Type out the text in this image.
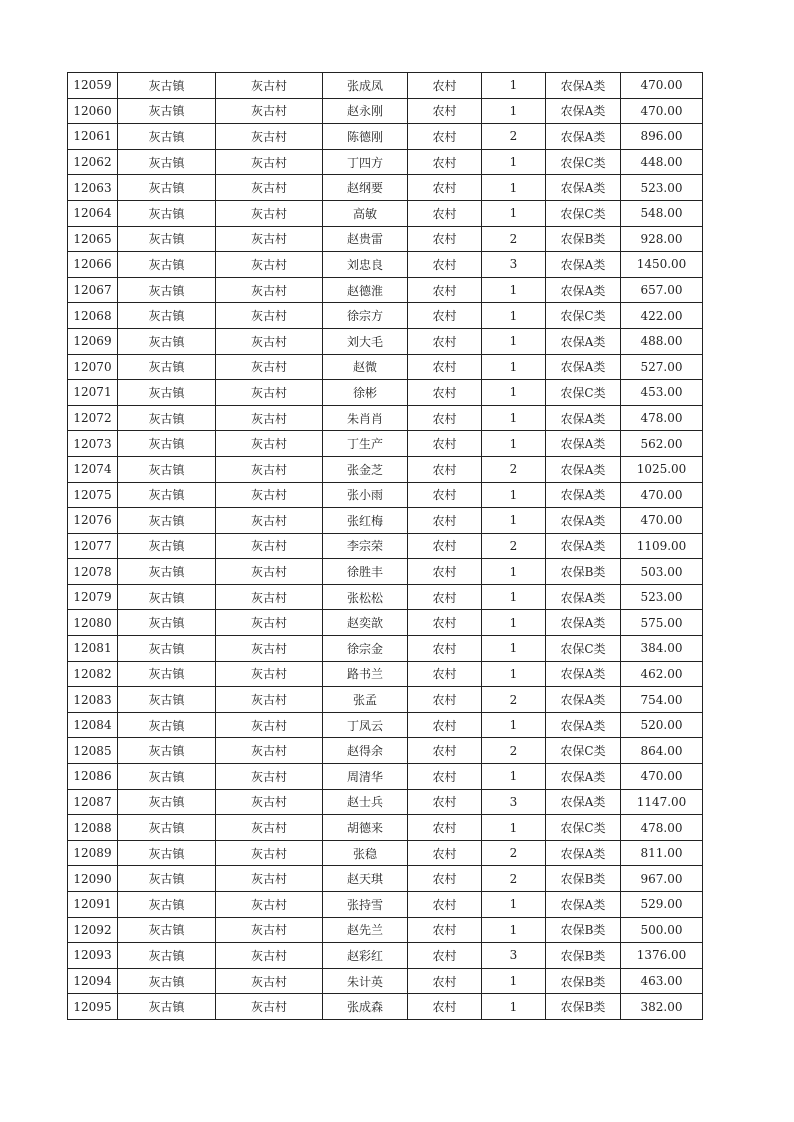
12059	灰古镇	灰古村	张成凤	农村	1	农保A类	470.00
12060	灰古镇	灰古村	赵永刚	农村	1	农保A类	470.00
12061	灰古镇	灰古村	陈德刚	农村	2	农保A类	896.00
12062	灰古镇	灰古村	丁四方	农村	1	农保C类	448.00
12063	灰古镇	灰古村	赵纲要	农村	1	农保A类	523.00
12064	灰古镇	灰古村	高敏	农村	1	农保C类	548.00
12065	灰古镇	灰古村	赵贵雷	农村	2	农保B类	928.00
12066	灰古镇	灰古村	刘忠良	农村	3	农保A类	1450.00
12067	灰古镇	灰古村	赵德淮	农村	1	农保A类	657.00
12068	灰古镇	灰古村	徐宗方	农村	1	农保C类	422.00
12069	灰古镇	灰古村	刘大毛	农村	1	农保A类	488.00
12070	灰古镇	灰古村	赵微	农村	1	农保A类	527.00
12071	灰古镇	灰古村	徐彬	农村	1	农保C类	453.00
12072	灰古镇	灰古村	朱肖肖	农村	1	农保A类	478.00
12073	灰古镇	灰古村	丁生产	农村	1	农保A类	562.00
12074	灰古镇	灰古村	张金芝	农村	2	农保A类	1025.00
12075	灰古镇	灰古村	张小雨	农村	1	农保A类	470.00
12076	灰古镇	灰古村	张红梅	农村	1	农保A类	470.00
12077	灰古镇	灰古村	李宗荣	农村	2	农保A类	1109.00
12078	灰古镇	灰古村	徐胜丰	农村	1	农保B类	503.00
12079	灰古镇	灰古村	张松松	农村	1	农保A类	523.00
12080	灰古镇	灰古村	赵奕歆	农村	1	农保A类	575.00
12081	灰古镇	灰古村	徐宗金	农村	1	农保C类	384.00
12082	灰古镇	灰古村	路书兰	农村	1	农保A类	462.00
12083	灰古镇	灰古村	张孟	农村	2	农保A类	754.00
12084	灰古镇	灰古村	丁凤云	农村	1	农保A类	520.00
12085	灰古镇	灰古村	赵得余	农村	2	农保C类	864.00
12086	灰古镇	灰古村	周清华	农村	1	农保A类	470.00
12087	灰古镇	灰古村	赵士兵	农村	3	农保A类	1147.00
12088	灰古镇	灰古村	胡德来	农村	1	农保C类	478.00
12089	灰古镇	灰古村	张稳	农村	2	农保A类	811.00
12090	灰古镇	灰古村	赵天琪	农村	2	农保B类	967.00
12091	灰古镇	灰古村	张持雪	农村	1	农保A类	529.00
12092	灰古镇	灰古村	赵先兰	农村	1	农保B类	500.00
12093	灰古镇	灰古村	赵彩红	农村	3	农保B类	1376.00
12094	灰古镇	灰古村	朱计英	农村	1	农保B类	463.00
12095	灰古镇	灰古村	张成森	农村	1	农保B类	382.00
